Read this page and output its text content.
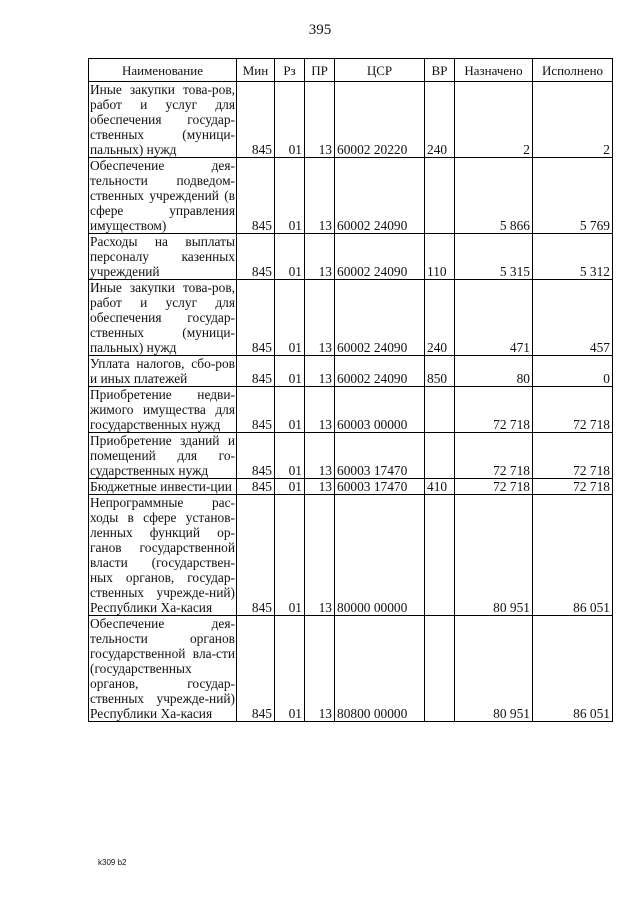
395
Наименование	Мин	Рз	ПР	ЦСР	ВР	Назначено	Исполнено
Иные закупки това-ров, работ и услуг для обеспечения государ-ственных (муници-пальных) нужд	845	01	13	60002 20220	240	2	2
Обеспечение дея-тельности подведом-ственных учреждений (в сфере управления имуществом)	845	01	13	60002 24090		5 866	5 769
Расходы на выплаты персоналу казенных учреждений	845	01	13	60002 24090	110	5 315	5 312
Иные закупки това-ров, работ и услуг для обеспечения государ-ственных (муници-пальных) нужд	845	01	13	60002 24090	240	471	457
Уплата налогов, сбо-ров и иных платежей	845	01	13	60002 24090	850	80	0
Приобретение недви-жимого имущества для государственных нужд	845	01	13	60003 00000		72 718	72 718
Приобретение зданий и помещений для го-сударственных нужд	845	01	13	60003 17470		72 718	72 718
Бюджетные инвести-ции	845	01	13	60003 17470	410	72 718	72 718
Непрограммные рас-ходы в сфере установ-ленных функций ор-ганов государственной власти (государствен-ных органов, государ-ственных учрежде-ний) Республики Ха-касия	845	01	13	80000 00000		80 951	86 051
Обеспечение дея-тельности органов государственной вла-сти (государственных органов, государ-ственных учрежде-ний) Республики Ха-касия	845	01	13	80800 00000		80 951	86 051
k309 b2
